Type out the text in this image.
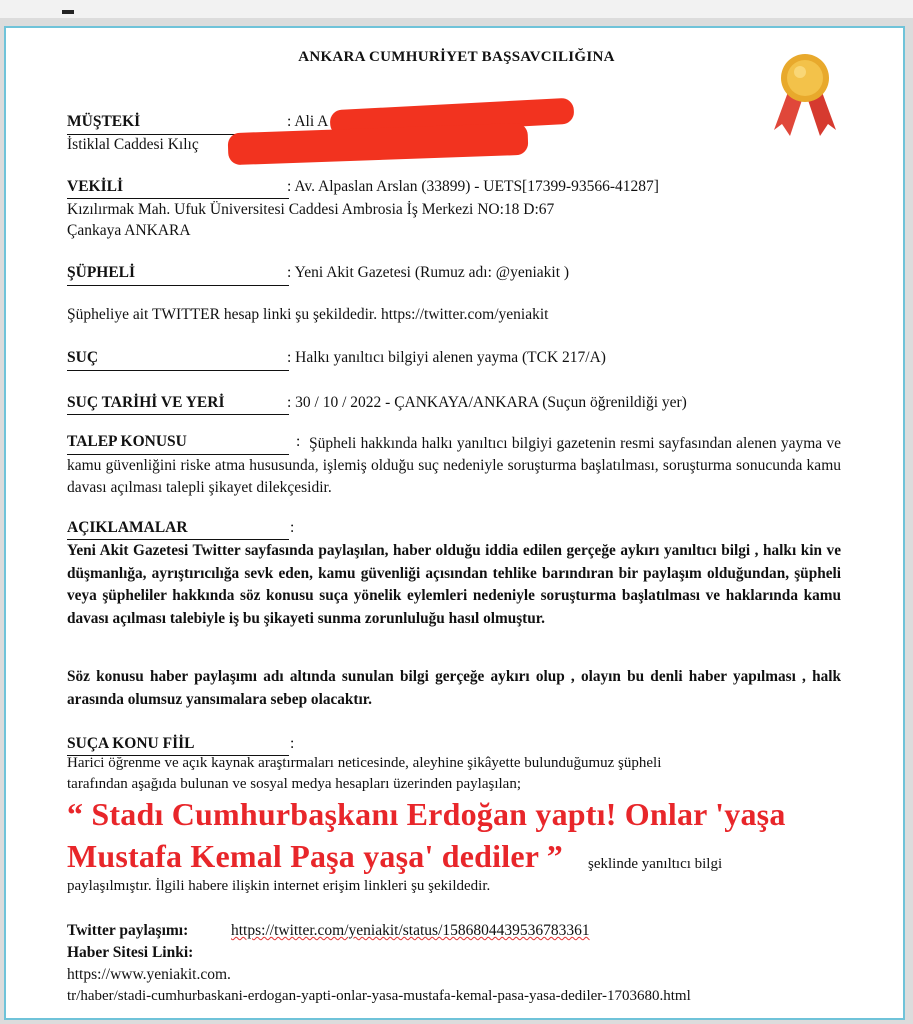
ANKARA CUMHURİYET BAŞSAVCILIĞINA
MÜŞTEKİ	: Ali A
İstiklal Caddesi Kılıç
VEKİLİ	: Av. Alpaslan Arslan (33899) - UETS[17399-93566-41287]
Kızılırmak Mah. Ufuk Üniversitesi Caddesi Ambrosia İş Merkezi NO:18 D:67
Çankaya ANKARA
ŞÜPHELİ	: Yeni Akit Gazetesi (Rumuz adı: @yeniakit )
Şüpheliye ait TWITTER hesap linki şu şekildedir. https://twitter.com/yeniakit
SUÇ	: Halkı yanıltıcı bilgiyi alenen yayma (TCK 217/A)
SUÇ TARİHİ VE YERİ	: 30 / 10 / 2022 - ÇANKAYA/ANKARA (Suçun öğrenildiği yer)
TALEP KONUSU	: Şüpheli hakkında halkı yanıltıcı bilgiyi gazetenin resmi sayfasından alenen yayma ve kamu güvenliğini riske atma hususunda, işlemiş olduğu suç nedeniyle soruşturma başlatılması, soruşturma sonucunda kamu davası açılması talepli şikayet dilekçesidir.
AÇIKLAMALAR	:
Yeni Akit Gazetesi Twitter sayfasında paylaşılan, haber olduğu iddia edilen gerçeğe aykırı yanıltıcı bilgi , halkı kin ve düşmanlığa, ayrıştırıcılığa sevk eden, kamu güvenliği açısından tehlike barındıran bir paylaşım olduğundan, şüpheli veya şüpheliler hakkında söz konusu suça yönelik eylemleri nedeniyle soruşturma başlatılması ve haklarında kamu davası açılması talebiyle iş bu şikayeti sunma zorunluluğu hasıl olmuştur.
Söz konusu haber paylaşımı adı altında sunulan bilgi gerçeğe aykırı olup , olayın bu denli haber yapılması , halk arasında olumsuz yansımalara sebep olacaktır.
SUÇA KONU FİİL	:
Harici öğrenme ve açık kaynak araştırmaları neticesinde, aleyhine şikâyette bulunduğumuz şüpheli
tarafından aşağıda bulunan ve sosyal medya hesapları üzerinden paylaşılan;
“ Stadı Cumhurbaşkanı Erdoğan yaptı! Onlar 'yaşa
Mustafa Kemal Paşa yaşa' dediler ” şeklinde yanıltıcı bilgi
paylaşılmıştır. İlgili habere ilişkin internet erişim linkleri şu şekildedir.
Twitter paylaşımı:	https://twitter.com/yeniakit/status/1586804439536783361
Haber Sitesi Linki:
https://www.yeniakit.com.
tr/haber/stadi-cumhurbaskani-erdogan-yapti-onlar-yasa-mustafa-kemal-pasa-yasa-dediler-1703680.html
